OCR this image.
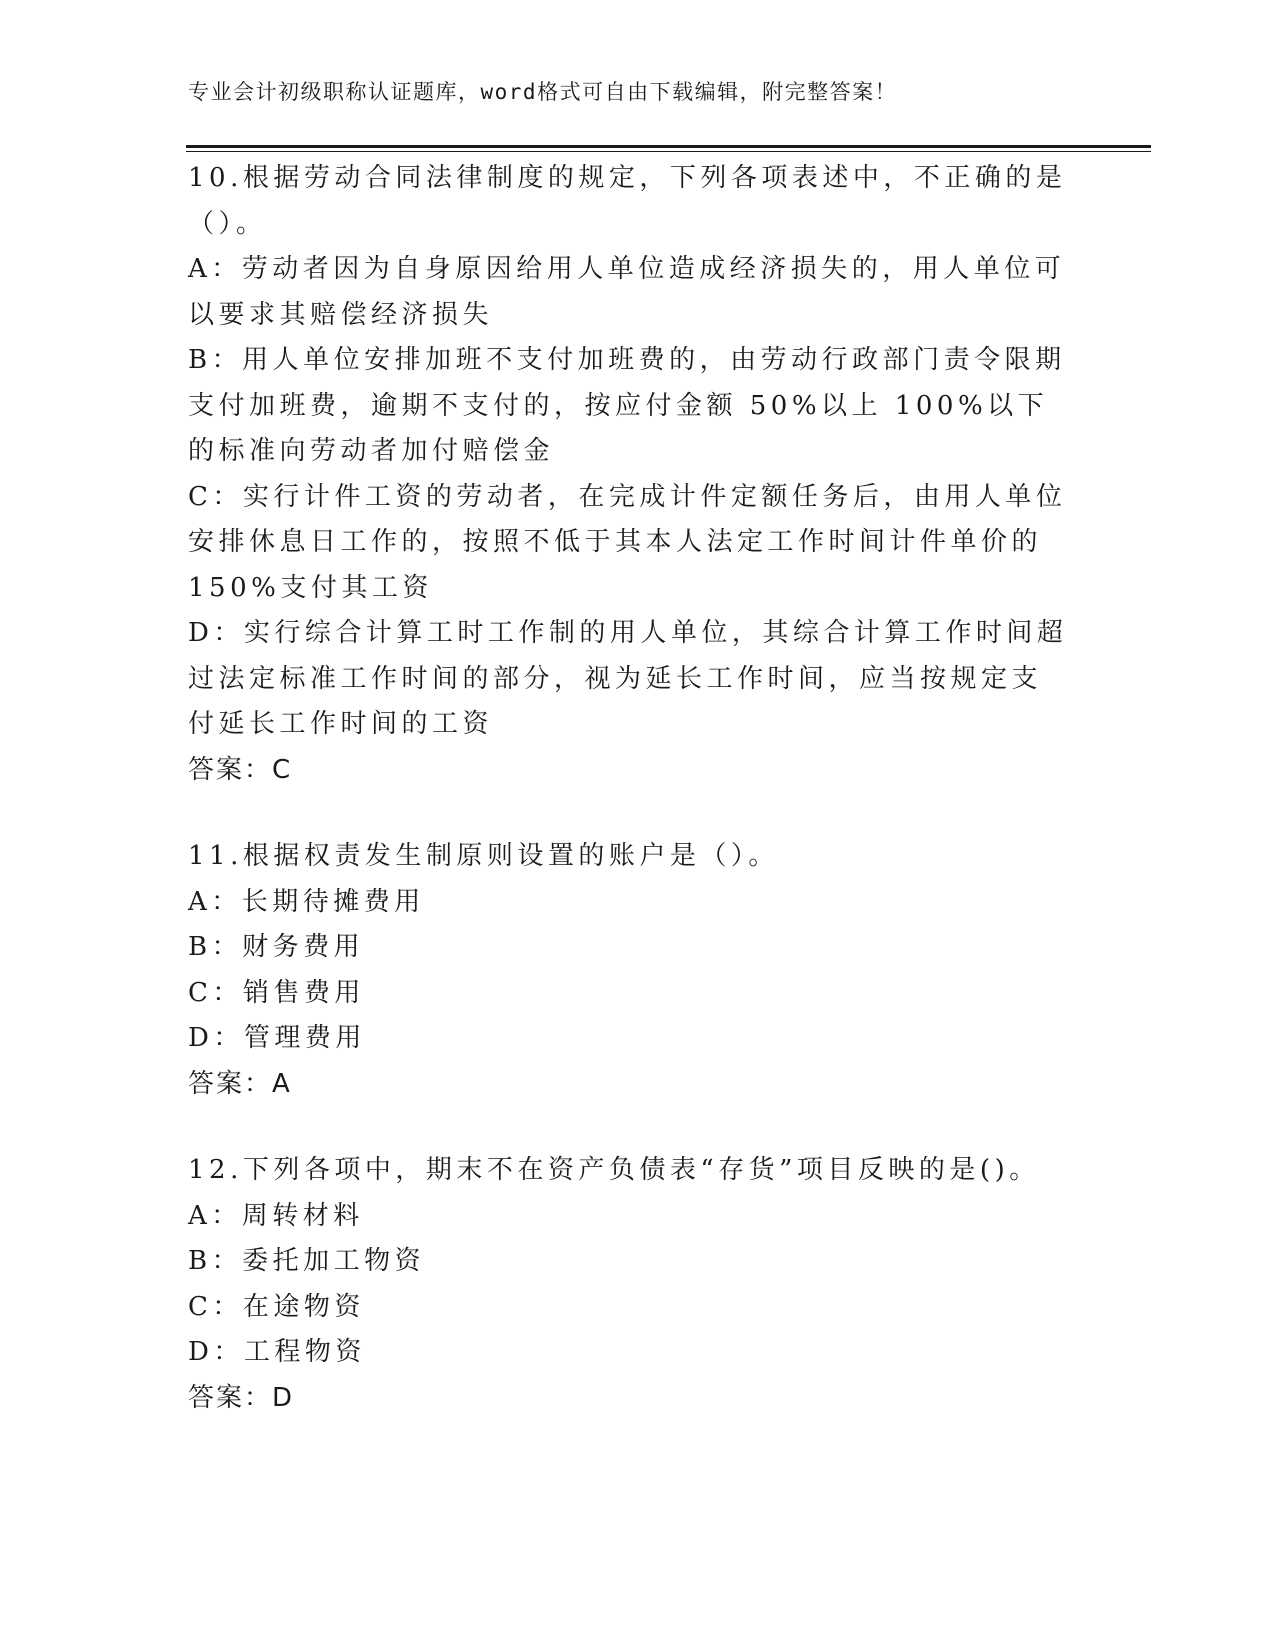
专业会计初级职称认证题库，word格式可自由下载编辑，附完整答案！

10.根据劳动合同法律制度的规定，下列各项表述中，不正确的是（）。

A：劳动者因为自身原因给用人单位造成经济损失的，用人单位可以要求其赔偿经济损失

B：用人单位安排加班不支付加班费的，由劳动行政部门责令限期支付加班费，逾期不支付的，按应付金额 50%以上 100%以下的标准向劳动者加付赔偿金

C：实行计件工资的劳动者，在完成计件定额任务后，由用人单位安排休息日工作的，按照不低于其本人法定工作时间计件单价的 150%支付其工资

D：实行综合计算工时工作制的用人单位，其综合计算工作时间超过法定标准工作时间的部分，视为延长工作时间，应当按规定支付延长工作时间的工资

答案：C

11.根据权责发生制原则设置的账户是（）。

A：长期待摊费用

B：财务费用

C：销售费用

D：管理费用

答案：A

12.下列各项中，期末不在资产负债表“存货”项目反映的是()。

A：周转材料

B：委托加工物资

C：在途物资

D：工程物资

答案：D
